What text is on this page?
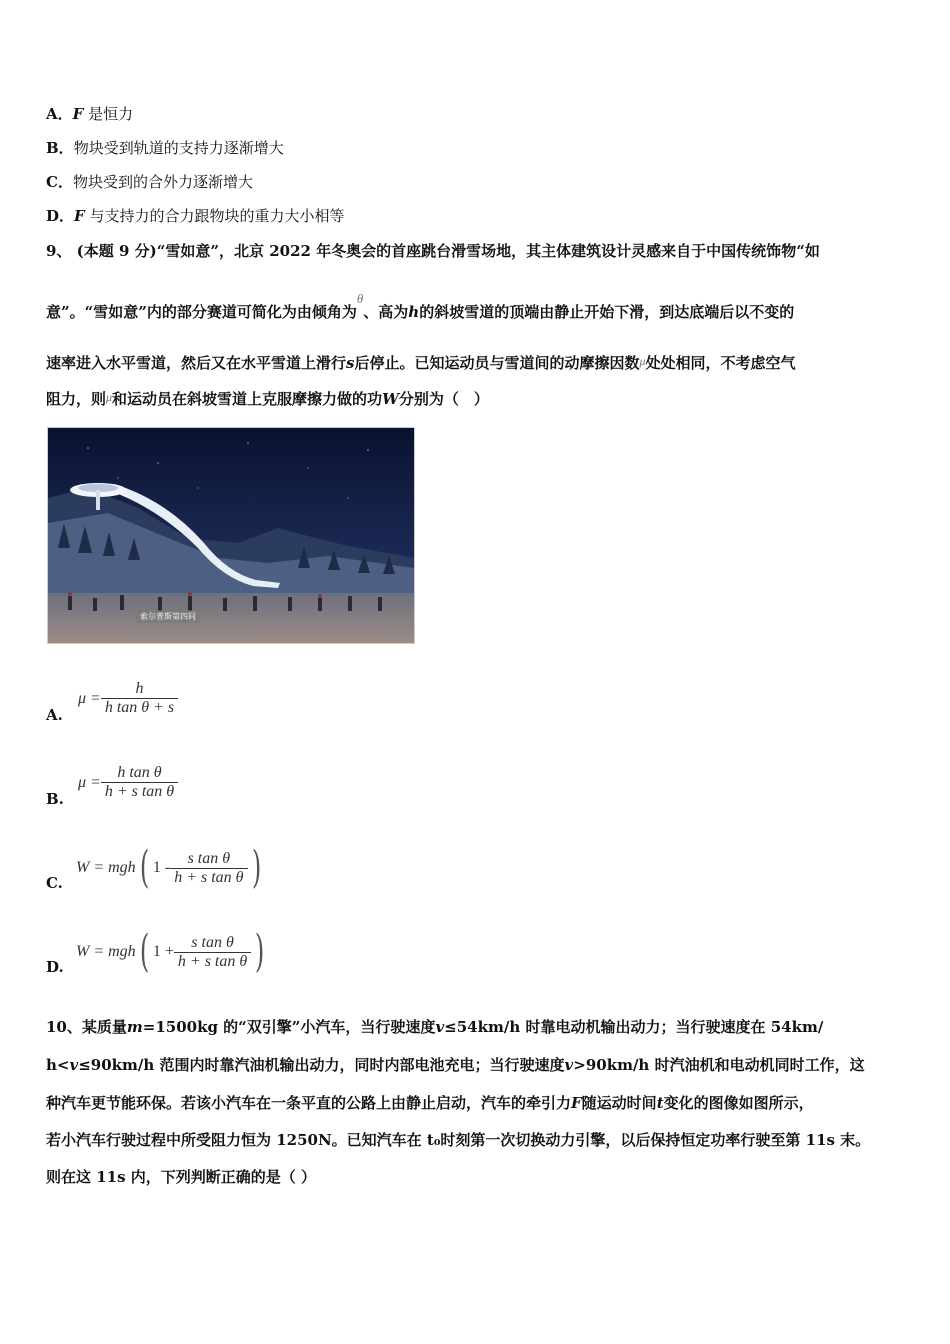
A．F 是恒力
B．物块受到轨道的支持力逐渐增大
C．物块受到的合外力逐渐增大
D．F 与支持力的合力跟物块的重力大小相等
9、 (本题 9 分)“雪如意”，北京 2022 年冬奥会的首座跳台滑雪场地，其主体建筑设计灵感来自于中国传统饰物“如
意”。“雪如意”内的部分赛道可简化为由倾角为θ、高为h的斜坡雪道的顶端由静止开始下滑，到达底端后以不变的
速率进入水平雪道，然后又在水平雪道上滑行s后停止。已知运动员与雪道间的动摩擦因数$^\mu$处处相同，不考虑空气
阻力，则$^\mu$和运动员在斜坡雪道上克服摩擦力做的功W分别为（　）
索尔普斯第四间
A.
$\mu = \frac{h}{\text{h tan θ + s}}$
B.
$\mu = \frac{\text{h tan θ}}{\text{h + s tan θ}}$
C.
W = mgh ( $1 - \frac{\text{s tan θ}}{\text{h + s tan θ}}$ )
D.
W = mgh ( $1 + \frac{\text{s tan θ}}{\text{h + s tan θ}}$ )
10、某质量m=1500kg 的“双引擎”小汽车，当行驶速度v≤54km/h 时靠电动机输出动力；当行驶速度在 54km/
h<v≤90km/h 范围内时靠汽油机输出动力，同时内部电池充电；当行驶速度v>90km/h 时汽油机和电动机同时工作，这
种汽车更节能环保。若该小汽车在一条平直的公路上由静止启动，汽车的牵引力F随运动时间t变化的图像如图所示，
若小汽车行驶过程中所受阻力恒为 1250N。已知汽车在 t₀时刻第一次切换动力引擎，以后保持恒定功率行驶至第 11s 末。
则在这 11s 内，下列判断正确的是（ ）
